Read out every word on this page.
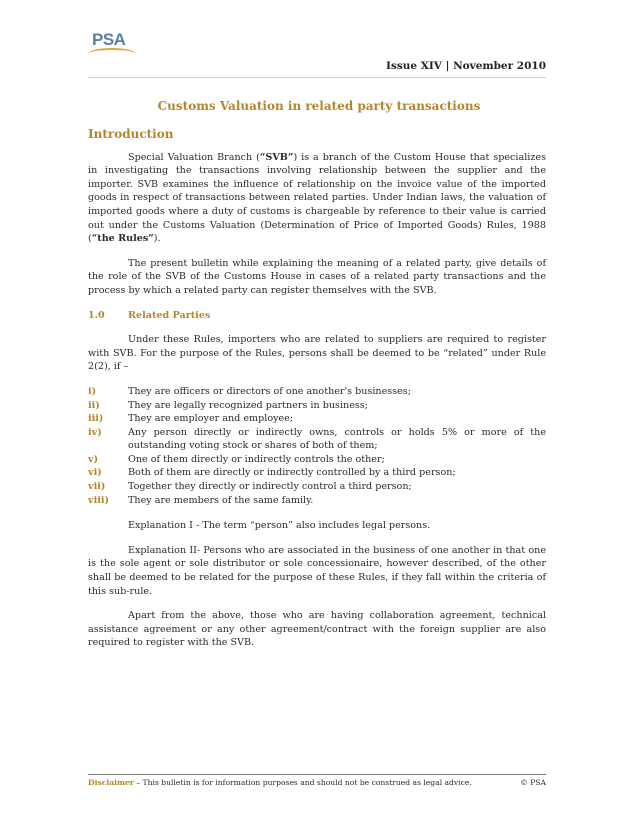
PSA
Issue XIV | November 2010
Customs Valuation in related party transactions
Introduction

Special Valuation Branch (“SVB”) is a branch of the Custom House that specializes in investigating the transactions involving relationship between the supplier and the importer. SVB examines the influence of relationship on the invoice value of the imported goods in respect of transactions between related parties. Under Indian laws, the valuation of imported goods where a duty of customs is chargeable by reference to their value is carried out under the Customs Valuation (Determination of Price of Imported Goods) Rules, 1988 (“the Rules”).

The present bulletin while explaining the meaning of a related party, give details of the role of the SVB of the Customs House in cases of a related party transactions and the process by which a related party can register themselves with the SVB.

1.0	Related Parties

Under these Rules, importers who are related to suppliers are required to register with SVB. For the purpose of the Rules, persons shall be deemed to be “related” under Rule 2(2), if –

i)	They are officers or directors of one another's businesses;
ii)	They are legally recognized partners in business;
iii)	They are employer and employee;
iv)	Any person directly or indirectly owns, controls or holds 5% or more of the outstanding voting stock or shares of both of them;
v)	One of them directly or indirectly controls the other;
vi)	Both of them are directly or indirectly controlled by a third person;
vii)	Together they directly or indirectly control a third person;
viii)	They are members of the same family.

Explanation I - The term “person” also includes legal persons.

Explanation II- Persons who are associated in the business of one another in that one is the sole agent or sole distributor or sole concessionaire, however described, of the other shall be deemed to be related for the purpose of these Rules, if they fall within the criteria of this sub-rule.

Apart from the above, those who are having collaboration agreement, technical assistance agreement or any other agreement/contract with the foreign supplier are also required to register with the SVB.

Disclaimer – This bulletin is for information purposes and should not be construed as legal advice.	© PSA
